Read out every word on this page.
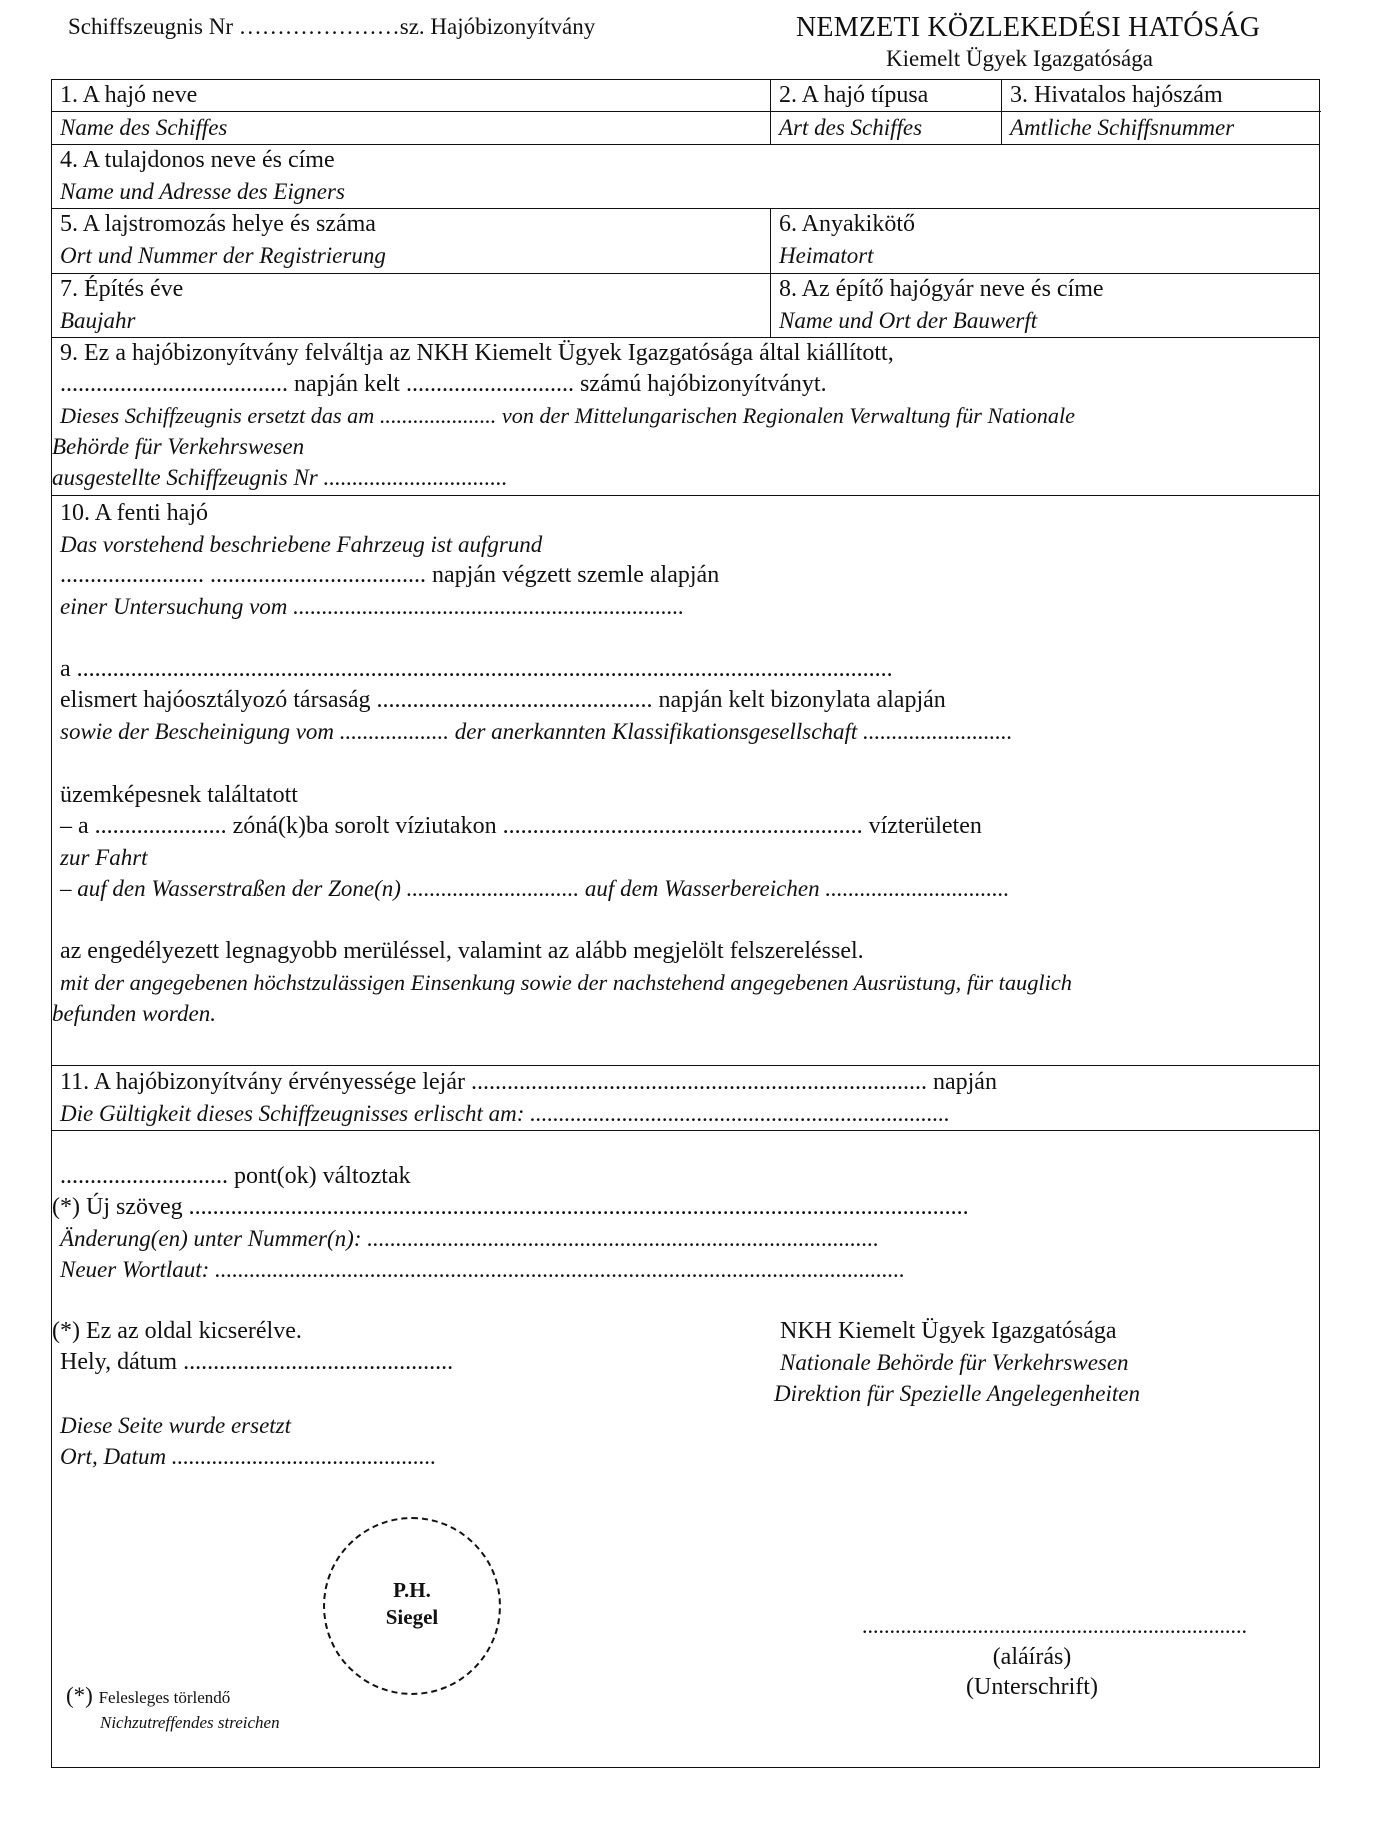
Schiffszeugnis Nr …………………sz. Hajóbizonyítvány	NEMZETI KÖZLEKEDÉSI HATÓSÁG
Kiemelt Ügyek Igazgatósága
1. A hajó neve
Name des Schiffes
2. A hajó típusa
Art des Schiffes
3. Hivatalos hajószám
Amtliche Schiffsnummer
4. A tulajdonos neve és címe
Name und Adresse des Eigners
5. A lajstromozás helye és száma
Ort und Nummer der Registrierung
6. Anyakikötő
Heimatort
7. Építés éve
Baujahr
8. Az építő hajógyár neve és címe
Name und Ort der Bauwerft
9. Ez a hajóbizonyítvány felváltja az NKH Kiemelt Ügyek Igazgatósága által kiállított,
...................................... napján kelt ............................ számú hajóbizonyítványt.
Dieses Schiffzeugnis ersetzt das am ..................... von der Mittelungarischen Regionalen Verwaltung für Nationale
Behörde für Verkehrswesen
ausgestellte Schiffzeugnis Nr ................................
10. A fenti hajó
Das vorstehend beschriebene Fahrzeug ist aufgrund
........................ .................................... napján végzett szemle alapján
einer Untersuchung vom ....................................................................
a ........................................................................................................................................
elismert hajóosztályozó társaság .............................................. napján kelt bizonylata alapján
sowie der Bescheinigung vom ................... der anerkannten Klassifikationsgesellschaft ..........................
üzemképesnek találtatott
– a ...................... zóná(k)ba sorolt víziutakon ............................................................ vízterületen
zur Fahrt
– auf den Wasserstraßen der Zone(n) .............................. auf dem Wasserbereichen ................................
az engedélyezett legnagyobb merüléssel, valamint az alább megjelölt felszereléssel.
mit der angegebenen höchstzulässigen Einsenkung sowie der nachstehend angegebenen Ausrüstung, für tauglich
befunden worden.
11. A hajóbizonyítvány érvényessége lejár ............................................................................ napján
Die Gültigkeit dieses Schiffzeugnisses erlischt am: .........................................................................
............................ pont(ok) változtak
(*) Új szöveg ..................................................................................................................................
Änderung(en) unter Nummer(n): .........................................................................................
Neuer Wortlaut: ........................................................................................................................
(*) Ez az oldal kicserélve.
Hely, dátum .............................................
Diese Seite wurde ersetzt
Ort, Datum ..............................................
NKH Kiemelt Ügyek Igazgatósága
Nationale Behörde für Verkehrswesen
Direktion für Spezielle Angelegenheiten
P.H.
Siegel	......................................................................
(aláírás)
(Unterschrift)
(*) Felesleges törlendő
Nichzutreffendes streichen
